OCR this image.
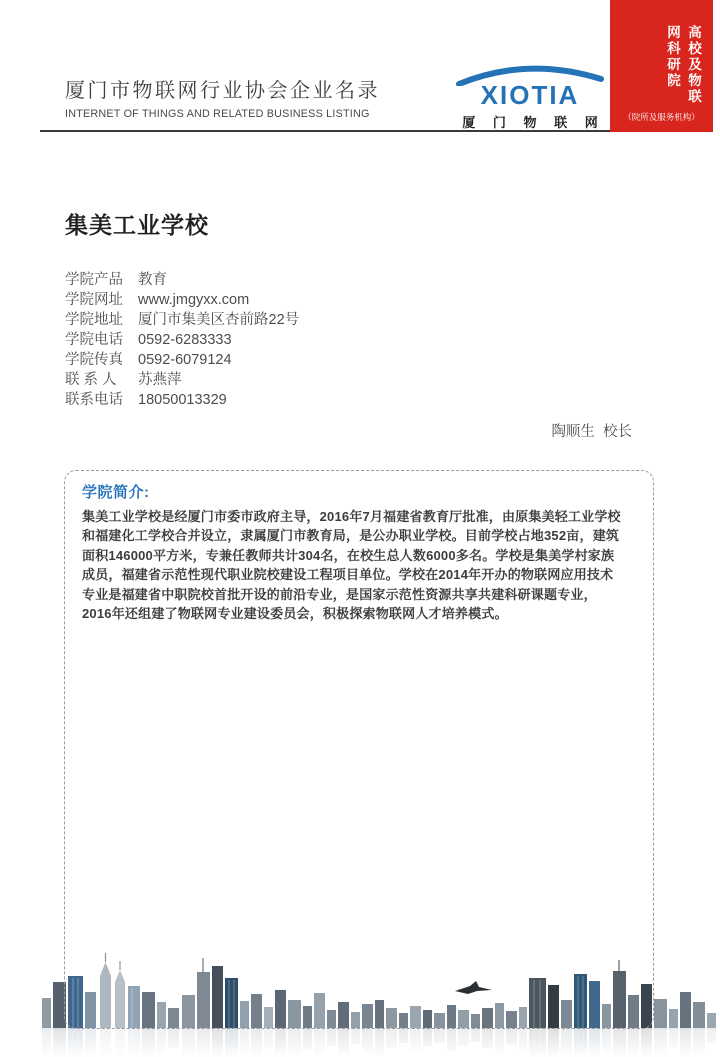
厦门市物联网行业协会企业名录
INTERNET OF THINGS AND RELATED BUSINESS LISTING
XIOTIA
厦 门 物 联 网
高校及物联
网科研院
（院所及服务机构）
集美工业学校
学院产品	教育
学院网址	www.jmgyxx.com
学院地址	厦门市集美区杏前路22号
学院电话	0592-6283333
学院传真	0592-6079124
联 系 人	苏燕萍
联系电话	18050013329
陶顺生  校长
学院简介:
集美工业学校是经厦门市委市政府主导，2016年7月福建省教育厅批准，由原集美轻工业学校
和福建化工学校合并设立，隶属厦门市教育局，是公办职业学校。目前学校占地352亩，建筑
面积146000平方米，专兼任教师共计304名，在校生总人数6000多名。学校是集美学村家族
成员，福建省示范性现代职业院校建设工程项目单位。学校在2014年开办的物联网应用技术
专业是福建省中职院校首批开设的前沿专业，是国家示范性资源共享共建科研课题专业，
2016年还组建了物联网专业建设委员会，积极探索物联网人才培养模式。
